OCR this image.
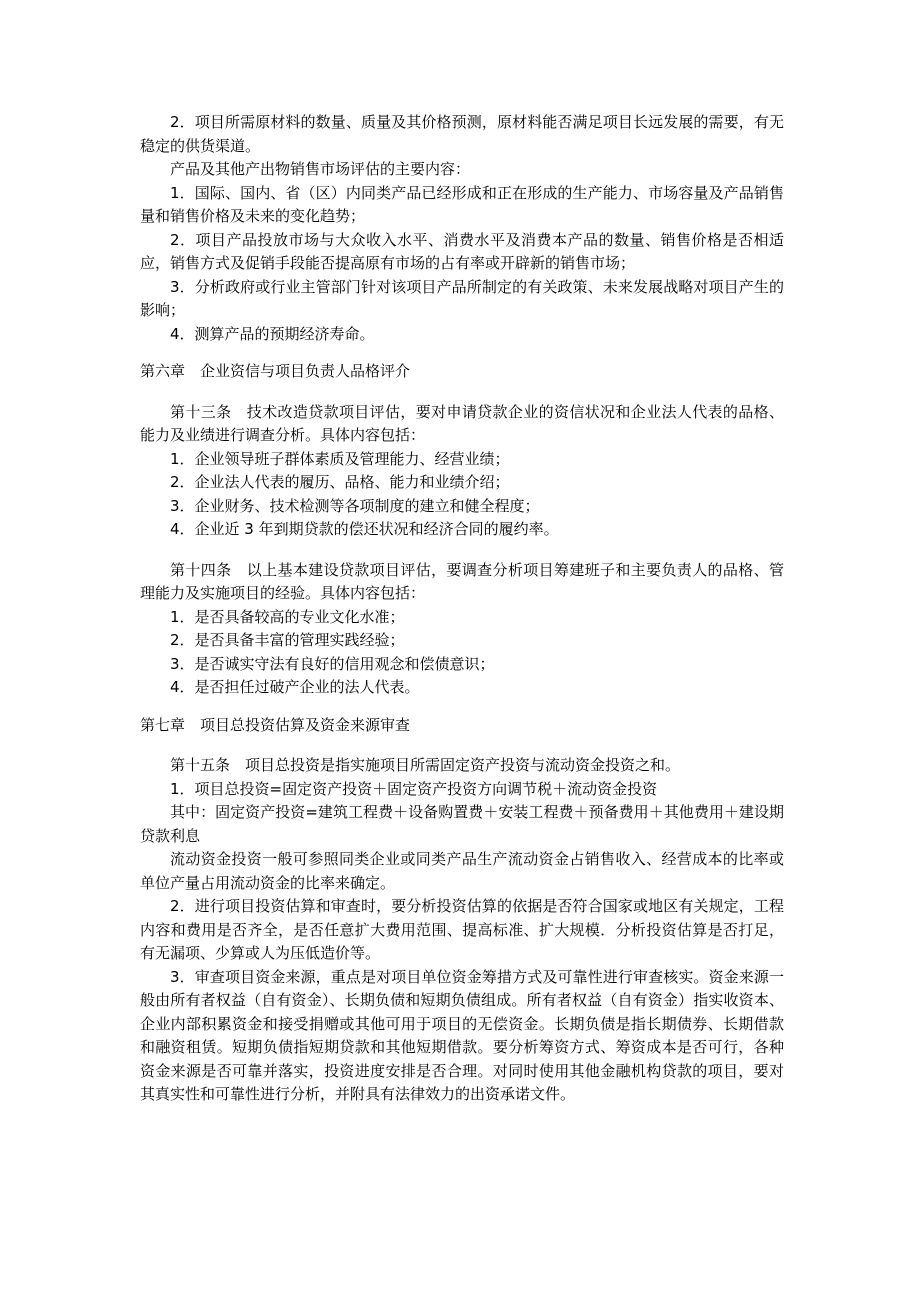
2．项目所需原材料的数量、质量及其价格预测，原材料能否满足项目长远发展的需要，有无稳定的供货渠道。

产品及其他产出物销售市场评估的主要内容：

1．国际、国内、省（区）内同类产品已经形成和正在形成的生产能力、市场容量及产品销售量和销售价格及未来的变化趋势；

2．项目产品投放市场与大众收入水平、消费水平及消费本产品的数量、销售价格是否相适应，销售方式及促销手段能否提高原有市场的占有率或开辟新的销售市场；

3．分析政府或行业主管部门针对该项目产品所制定的有关政策、未来发展战略对项目产生的影响；

4．测算产品的预期经济寿命。

第六章　企业资信与项目负责人品格评介

第十三条　技术改造贷款项目评估，要对申请贷款企业的资信状况和企业法人代表的品格、能力及业绩进行调查分析。具体内容包括：

1．企业领导班子群体素质及管理能力、经营业绩；

2．企业法人代表的履历、品格、能力和业绩介绍；

3．企业财务、技术检测等各项制度的建立和健全程度；

4．企业近 3 年到期贷款的偿还状况和经济合同的履约率。

第十四条　以上基本建设贷款项目评估，要调查分析项目筹建班子和主要负责人的品格、管理能力及实施项目的经验。具体内容包括：

1．是否具备较高的专业文化水准；

2．是否具备丰富的管理实践经验；

3．是否诚实守法有良好的信用观念和偿债意识；

4．是否担任过破产企业的法人代表。

第七章　项目总投资估算及资金来源审查

第十五条　项目总投资是指实施项目所需固定资产投资与流动资金投资之和。

1．项目总投资=固定资产投资＋固定资产投资方向调节税＋流动资金投资

其中：固定资产投资=建筑工程费＋设备购置费＋安装工程费＋预备费用＋其他费用＋建设期贷款利息

流动资金投资一般可参照同类企业或同类产品生产流动资金占销售收入、经营成本的比率或单位产量占用流动资金的比率来确定。

2．进行项目投资估算和审查时，要分析投资估算的依据是否符合国家或地区有关规定，工程内容和费用是否齐全，是否任意扩大费用范围、提高标准、扩大规模．分析投资估算是否打足，有无漏项、少算或人为压低造价等。

3．审查项目资金来源，重点是对项目单位资金筹措方式及可靠性进行审查核实。资金来源一般由所有者权益（自有资金）、长期负债和短期负债组成。所有者权益（自有资金）指实收资本、企业内部积累资金和接受捐赠或其他可用于项目的无偿资金。长期负债是指长期债券、长期借款和融资租赁。短期负债指短期贷款和其他短期借款。要分析筹资方式、筹资成本是否可行，各种资金来源是否可靠并落实，投资进度安排是否合理。对同时使用其他金融机构贷款的项目，要对其真实性和可靠性进行分析，并附具有法律效力的出资承诺文件。
